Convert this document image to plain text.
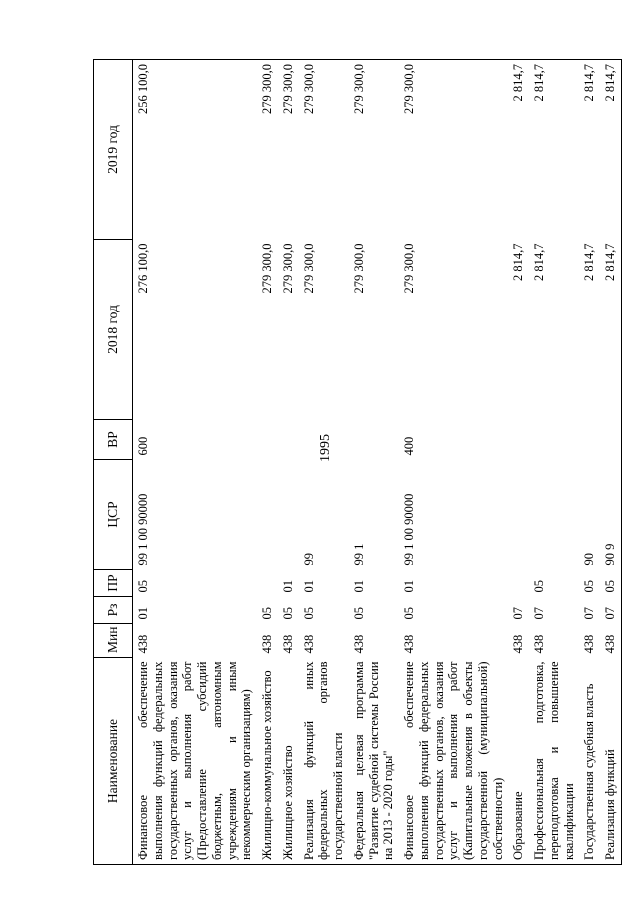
1995
Наименование	Мин	Рз	ПР	ЦСР	ВР	2018 год	2019 год
Финансовое обеспечение выполнения функций федеральных государственных органов, оказания услуг и выполнения работ (Предоставление субсидий бюджетным, автономным учреждениям и иным некоммерческим организациям)	438	01	05	99 1 00 90000	600	276 100,0	256 100,0
Жилищно-коммунальное хозяйство	438	05				279 300,0	279 300,0
Жилищное хозяйство	438	05	01			279 300,0	279 300,0
Реализация функций иных федеральных органов государственной власти	438	05	01	99		279 300,0	279 300,0
Федеральная целевая программа "Развитие судебной системы России на 2013 - 2020 годы"	438	05	01	99 1		279 300,0	279 300,0
Финансовое обеспечение выполнения функций федеральных государственных органов, оказания услуг и выполнения работ (Капитальные вложения в объекты государственной (муниципальной) собственности)	438	05	01	99 1 00 90000	400	279 300,0	279 300,0
Образование	438	07				2 814,7	2 814,7
Профессиональная подготовка, переподготовка и повышение квалификации	438	07	05			2 814,7	2 814,7
Государственная судебная власть	438	07	05	90		2 814,7	2 814,7
Реализация функций	438	07	05	90 9		2 814,7	2 814,7
